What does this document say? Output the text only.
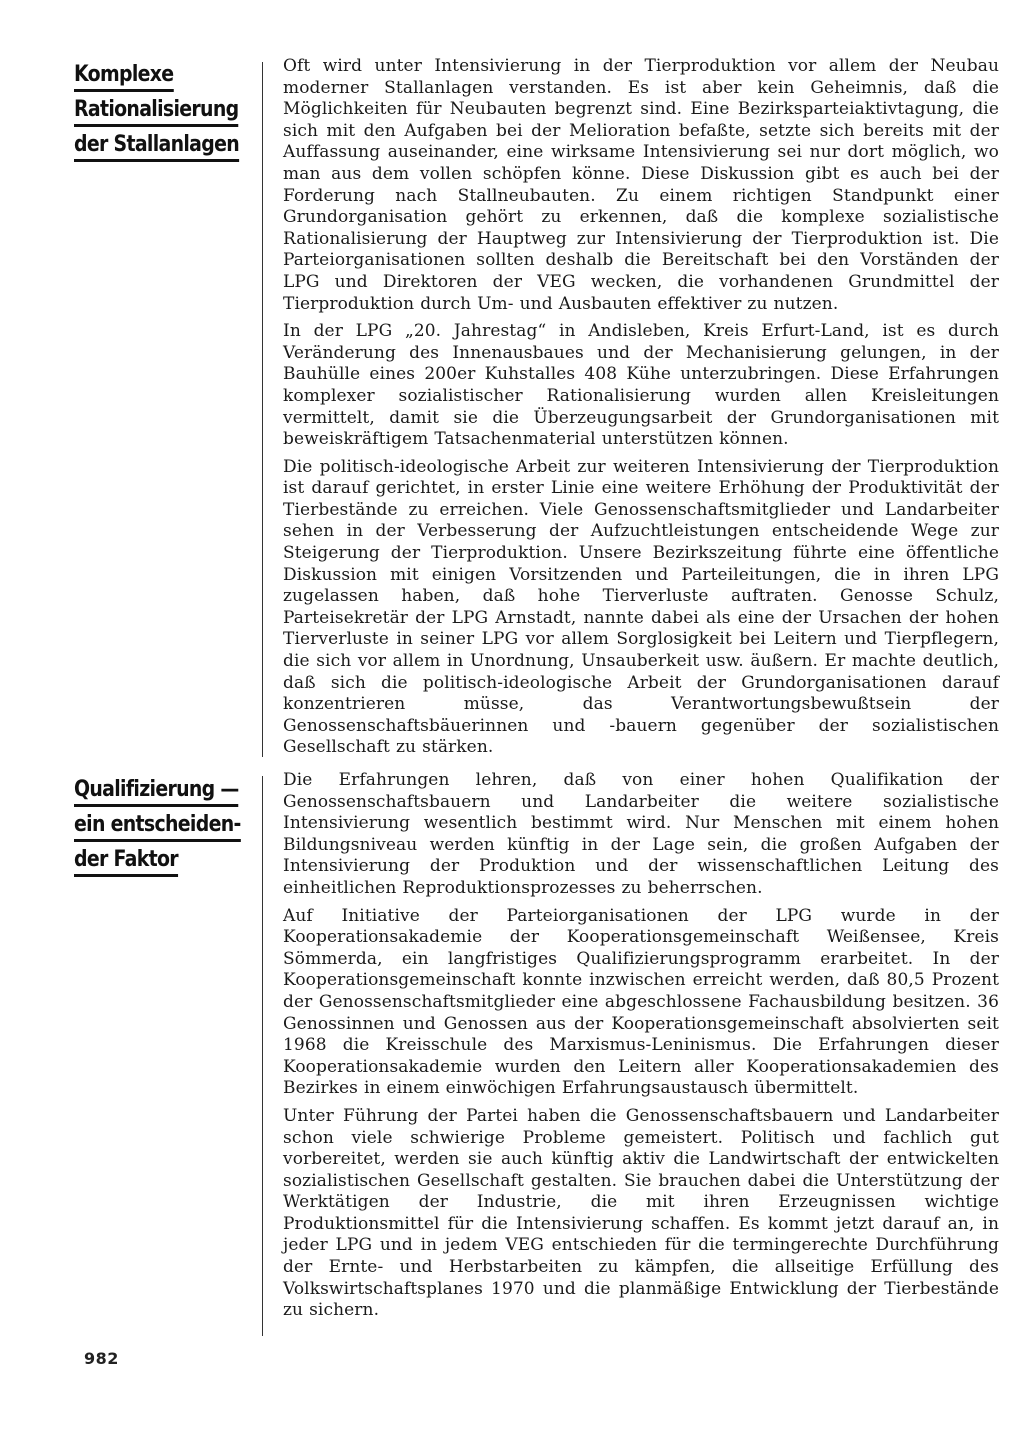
Komplexe
Rationalisierung
der Stallanlagen
Qualifizierung —
ein entscheiden-
der Faktor

Oft wird unter Intensivierung in der Tierproduktion vor allem der Neubau moderner Stallanlagen verstanden. Es ist aber kein Geheimnis, daß die Möglichkeiten für Neubauten begrenzt sind. Eine Bezirksparteiaktivtagung, die sich mit den Aufgaben bei der Melioration befaßte, setzte sich bereits mit der Auffassung auseinander, eine wirksame Intensivierung sei nur dort möglich, wo man aus dem vollen schöpfen könne. Diese Diskussion gibt es auch bei der Forderung nach Stallneubauten. Zu einem richtigen Standpunkt einer Grundorganisation gehört zu erkennen, daß die komplexe sozialistische Rationalisierung der Hauptweg zur Intensivierung der Tierproduktion ist. Die Parteiorganisationen sollten deshalb die Bereitschaft bei den Vorständen der LPG und Direktoren der VEG wecken, die vorhandenen Grundmittel der Tierproduktion durch Um- und Ausbauten effektiver zu nutzen.

In der LPG „20. Jahrestag“ in Andisleben, Kreis Erfurt-Land, ist es durch Veränderung des Innenausbaues und der Mechanisierung gelungen, in der Bauhülle eines 200er Kuhstalles 408 Kühe unterzubringen. Diese Erfahrungen komplexer sozialistischer Rationalisierung wurden allen Kreisleitungen vermittelt, damit sie die Überzeugungsarbeit der Grundorganisationen mit beweiskräftigem Tatsachenmaterial unterstützen können.

Die politisch-ideologische Arbeit zur weiteren Intensivierung der Tierproduktion ist darauf gerichtet, in erster Linie eine weitere Erhöhung der Produktivität der Tierbestände zu erreichen. Viele Genossenschaftsmitglieder und Landarbeiter sehen in der Verbesserung der Aufzuchtleistungen entscheidende Wege zur Steigerung der Tierproduktion. Unsere Bezirkszeitung führte eine öffentliche Diskussion mit einigen Vorsitzenden und Parteileitungen, die in ihren LPG zugelassen haben, daß hohe Tierverluste auftraten. Genosse Schulz, Parteisekretär der LPG Arnstadt, nannte dabei als eine der Ursachen der hohen Tierverluste in seiner LPG vor allem Sorglosigkeit bei Leitern und Tierpflegern, die sich vor allem in Unordnung, Unsauberkeit usw. äußern. Er machte deutlich, daß sich die politisch-ideologische Arbeit der Grundorganisationen darauf konzentrieren müsse, das Verantwortungsbewußtsein der Genossenschaftsbäuerinnen und -bauern gegenüber der sozialistischen Gesellschaft zu stärken.

Die Erfahrungen lehren, daß von einer hohen Qualifikation der Genossenschaftsbauern und Landarbeiter die weitere sozialistische Intensivierung wesentlich bestimmt wird. Nur Menschen mit einem hohen Bildungsniveau werden künftig in der Lage sein, die großen Aufgaben der Intensivierung der Produktion und der wissenschaftlichen Leitung des einheitlichen Reproduktionsprozesses zu beherrschen.

Auf Initiative der Parteiorganisationen der LPG wurde in der Kooperationsakademie der Kooperationsgemeinschaft Weißensee, Kreis Sömmerda, ein langfristiges Qualifizierungsprogramm erarbeitet. In der Kooperationsgemeinschaft konnte inzwischen erreicht werden, daß 80,5 Prozent der Genossenschaftsmitglieder eine abgeschlossene Fachausbildung besitzen. 36 Genossinnen und Genossen aus der Kooperationsgemeinschaft absolvierten seit 1968 die Kreisschule des Marxismus-Leninismus. Die Erfahrungen dieser Kooperationsakademie wurden den Leitern aller Kooperationsakademien des Bezirkes in einem einwöchigen Erfahrungsaustausch übermittelt.

Unter Führung der Partei haben die Genossenschaftsbauern und Landarbeiter schon viele schwierige Probleme gemeistert. Politisch und fachlich gut vorbereitet, werden sie auch künftig aktiv die Landwirtschaft der entwickelten sozialistischen Gesellschaft gestalten. Sie brauchen dabei die Unterstützung der Werktätigen der Industrie, die mit ihren Erzeugnissen wichtige Produktionsmittel für die Intensivierung schaffen. Es kommt jetzt darauf an, in jeder LPG und in jedem VEG entschieden für die termingerechte Durchführung der Ernte- und Herbstarbeiten zu kämpfen, die allseitige Erfüllung des Volkswirtschaftsplanes 1970 und die planmäßige Entwicklung der Tierbestände zu sichern.

982
